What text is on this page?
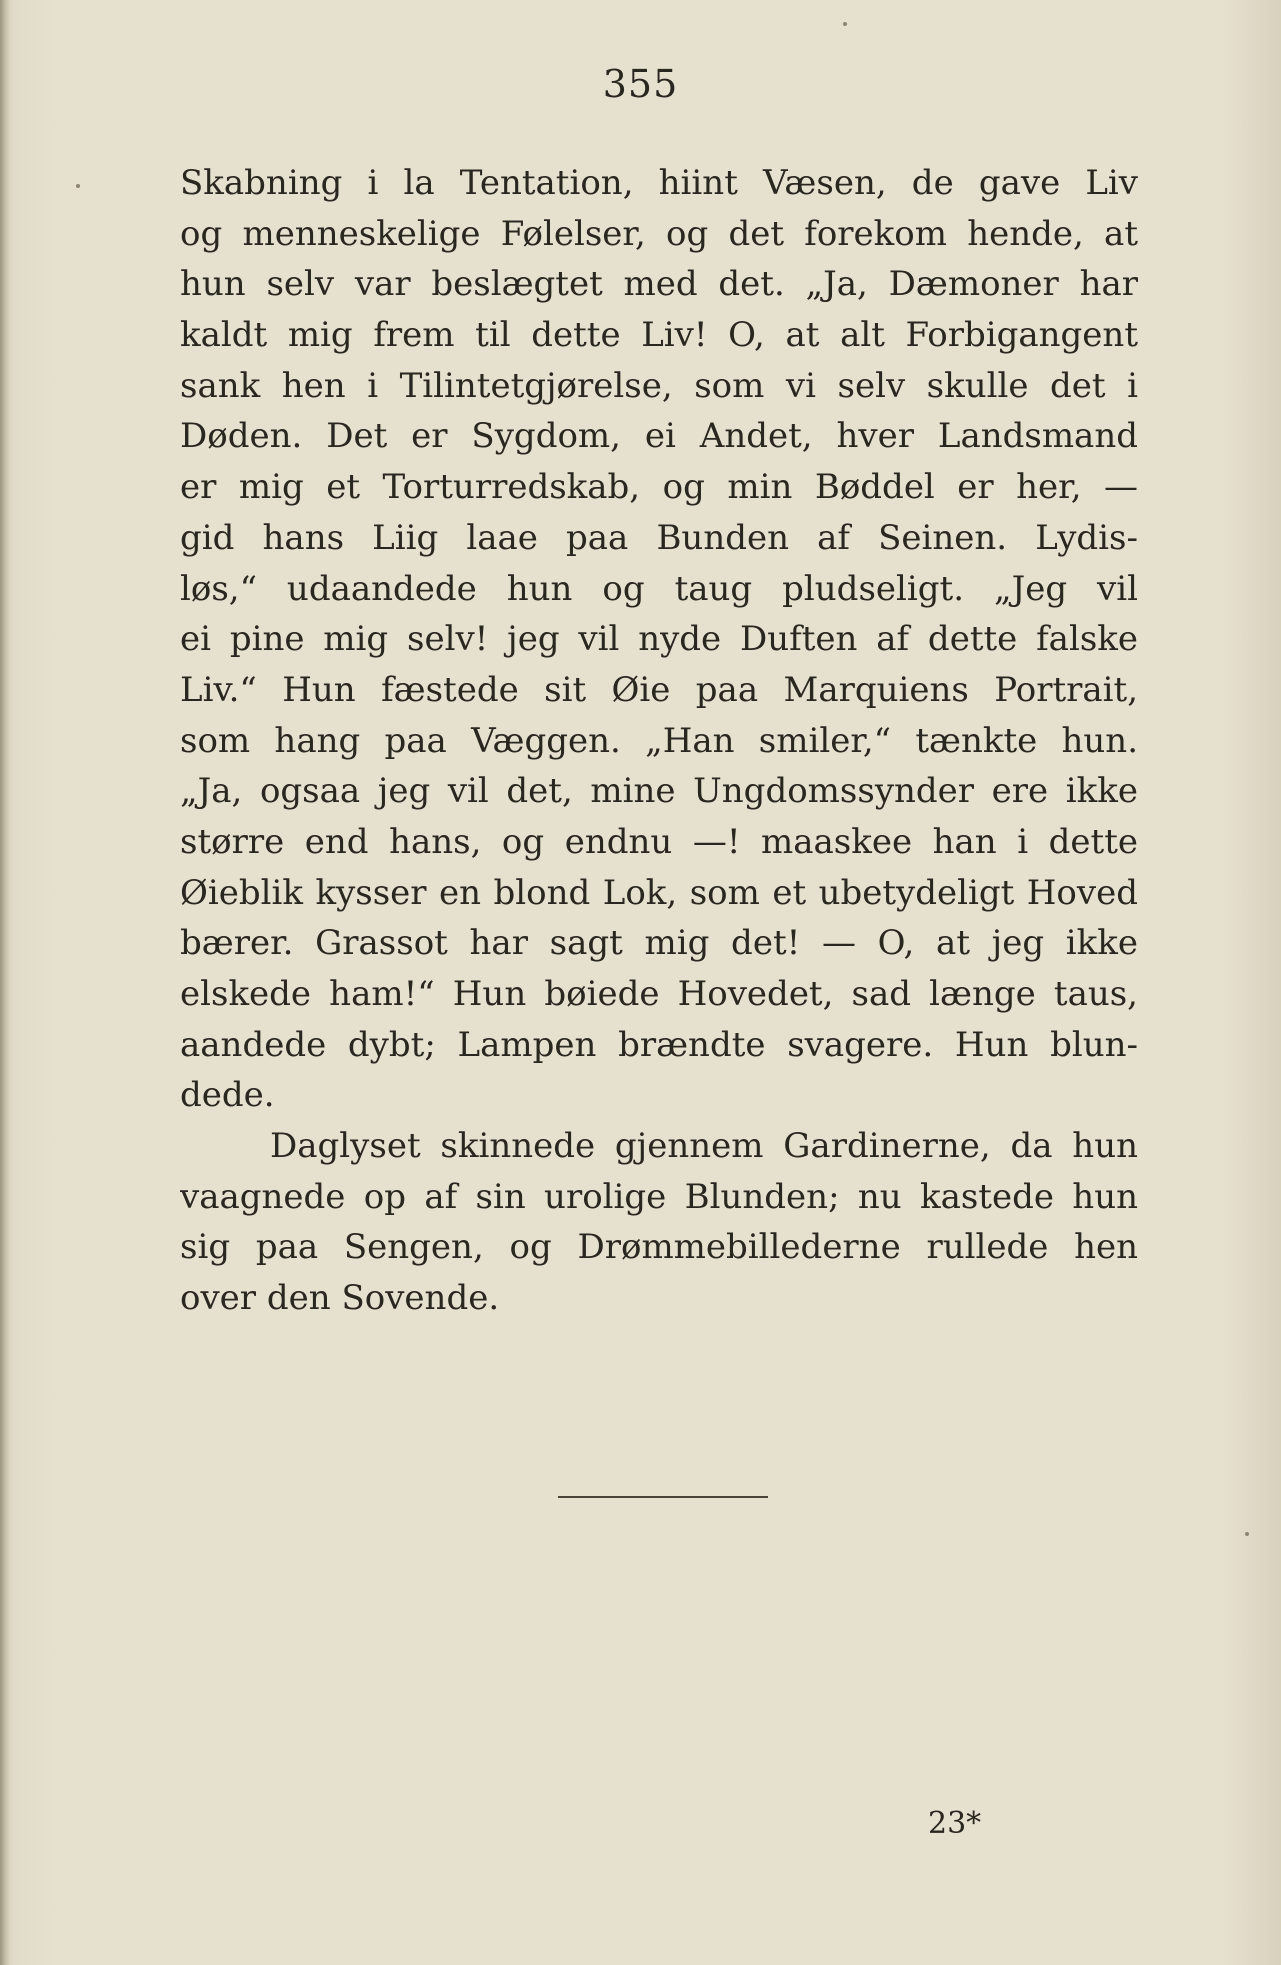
355
Skabning i la Tentation, hiint Væsen, de gave Liv
og menneskelige Følelser, og det forekom hende, at
hun selv var beslægtet med det. „Ja, Dæmoner har
kaldt mig frem til dette Liv! O, at alt Forbigangent
sank hen i Tilintetgjørelse, som vi selv skulle det i
Døden. Det er Sygdom, ei Andet, hver Landsmand
er mig et Torturredskab, og min Bøddel er her, —
gid hans Liig laae paa Bunden af Seinen. Lydis-
løs,“ udaandede hun og taug pludseligt. „Jeg vil
ei pine mig selv! jeg vil nyde Duften af dette falske
Liv.“ Hun fæstede sit Øie paa Marquiens Portrait,
som hang paa Væggen. „Han smiler,“ tænkte hun.
„Ja, ogsaa jeg vil det, mine Ungdomssynder ere ikke
større end hans, og endnu —! maaskee han i dette
Øieblik kysser en blond Lok, som et ubetydeligt Hoved
bærer. Grassot har sagt mig det! — O, at jeg ikke
elskede ham!“ Hun bøiede Hovedet, sad længe taus,
aandede dybt; Lampen brændte svagere. Hun blun-
dede.
Daglyset skinnede gjennem Gardinerne, da hun
vaagnede op af sin urolige Blunden; nu kastede hun
sig paa Sengen, og Drømmebillederne rullede hen
over den Sovende.
23*
